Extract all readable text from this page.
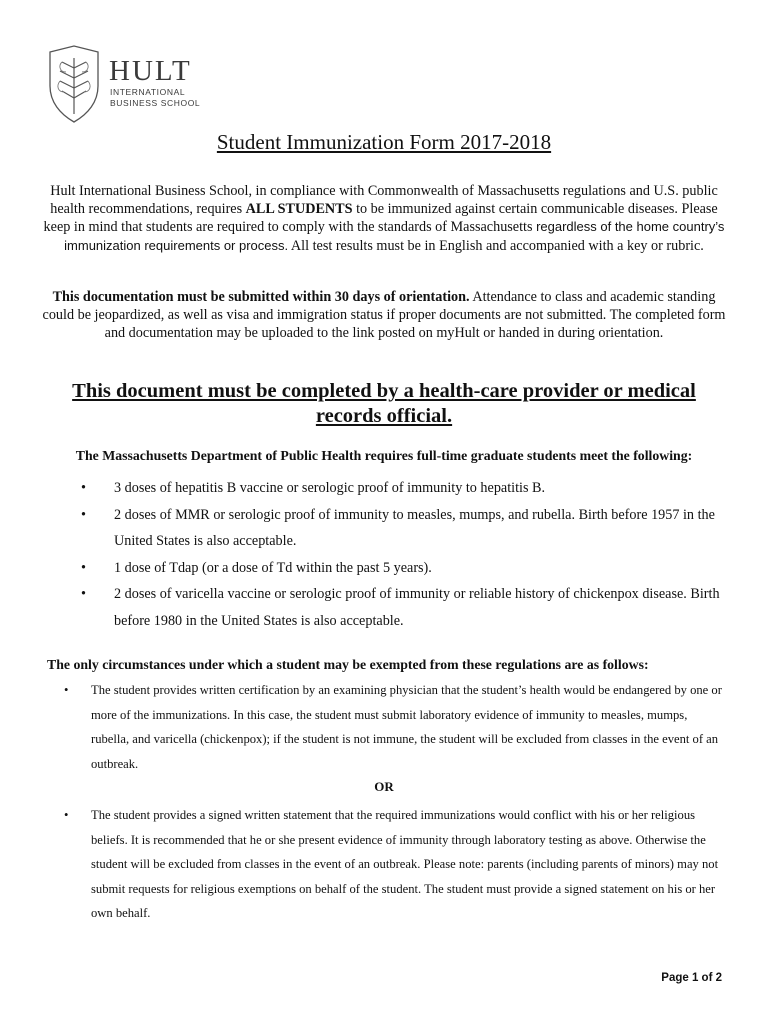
HULT
INTERNATIONAL
BUSINESS SCHOOL
Student Immunization Form 2017-2018
Hult International Business School, in compliance with Commonwealth of Massachusetts regulations and U.S. public health recommendations, requires ALL STUDENTS to be immunized against certain communicable diseases. Please keep in mind that students are required to comply with the standards of Massachusetts regardless of the home country’s immunization requirements or process. All test results must be in English and accompanied with a key or rubric.
This documentation must be submitted within 30 days of orientation. Attendance to class and academic standing could be jeopardized, as well as visa and immigration status if proper documents are not submitted. The completed form and documentation may be uploaded to the link posted on myHult or handed in during orientation.
This document must be completed by a health-care provider or medical records official.
The Massachusetts Department of Public Health requires full-time graduate students meet the following:
•	3 doses of hepatitis B vaccine or serologic proof of immunity to hepatitis B.
•	2 doses of MMR or serologic proof of immunity to measles, mumps, and rubella. Birth before 1957 in the United States is also acceptable.
•	1 dose of Tdap (or a dose of Td within the past 5 years).
•	2 doses of varicella vaccine or serologic proof of immunity or reliable history of chickenpox disease. Birth before 1980 in the United States is also acceptable.
The only circumstances under which a student may be exempted from these regulations are as follows:
•	The student provides written certification by an examining physician that the student’s health would be endangered by one or more of the immunizations. In this case, the student must submit laboratory evidence of immunity to measles, mumps, rubella, and varicella (chickenpox); if the student is not immune, the student will be excluded from classes in the event of an outbreak.
OR
•	The student provides a signed written statement that the required immunizations would conflict with his or her religious beliefs. It is recommended that he or she present evidence of immunity through laboratory testing as above. Otherwise the student will be excluded from classes in the event of an outbreak. Please note: parents (including parents of minors) may not submit requests for religious exemptions on behalf of the student. The student must provide a signed statement on his or her own behalf.
Page 1 of 2
